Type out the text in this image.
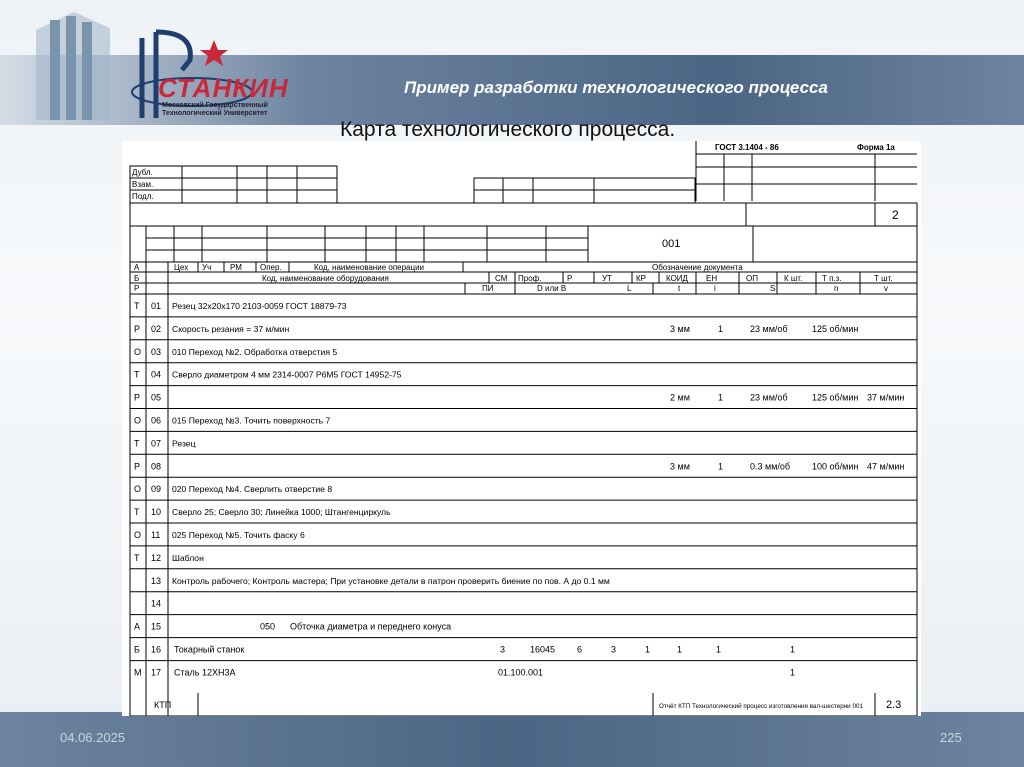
СТАНКИН
Московский Государственный
Технологический Университет
Пример разработки технологического процесса
Карта технологического процесса.
Т 01 Резец 32x20x170 2103-0059 ГОСТ 18879-73
Р 02 Скорость резания = 37 м/мин	3 мм	1	23 мм/об	125 об/мин
О 03 010 Переход №2. Обработка отверстия 5
Т 04 Сверло диаметром 4 мм 2314-0007 Р6М5 ГОСТ 14952-75
Р 05	2 мм	1	23 мм/об	125 об/мин 37 м/мин
О 06 015 Переход №3. Точить поверхность 7
Т 07 Резец
Р 08	3 мм	1	0.3 мм/об 100 об/мин 47 м/мин
О 09 020 Переход №4. Сверлить отверстие 8
Т 10 Сверло 25; Сверло 30; Линейка 1000; Штангенциркуль
О 11 025 Переход №5. Точить фаску 6
Т 12 Шаблон
13 Контроль рабочего; Контроль мастера; При установке детали в патрон проверить биение по пов. А до 0.1 мм
14
А 15	050 Обточка диаметра и переднего конуса
Б 16 Токарный станок	3	16045 6	3	1	1	1	1
М 17 Сталь 12ХН3А	01.100.001	1
ГОСТ 3.1404 - 86	Форма 1а
Дубл.
Взам.
Подл.
2
001
А	Цех Уч РМ Опер.	Код, наименование операции	Обозначение документа
Б	Код, наименование оборудования	СМ Проф.	Р	УТ	КР	КОИД ЕН	ОП	К шт. Т п.з.	Т шт.
Р	ПИ	D или В	L	t	i	S	n	v
КТП	Отчёт КТП Технологический процесс изготовления вал-шестерни 001 2.3
04.06.2025	225
